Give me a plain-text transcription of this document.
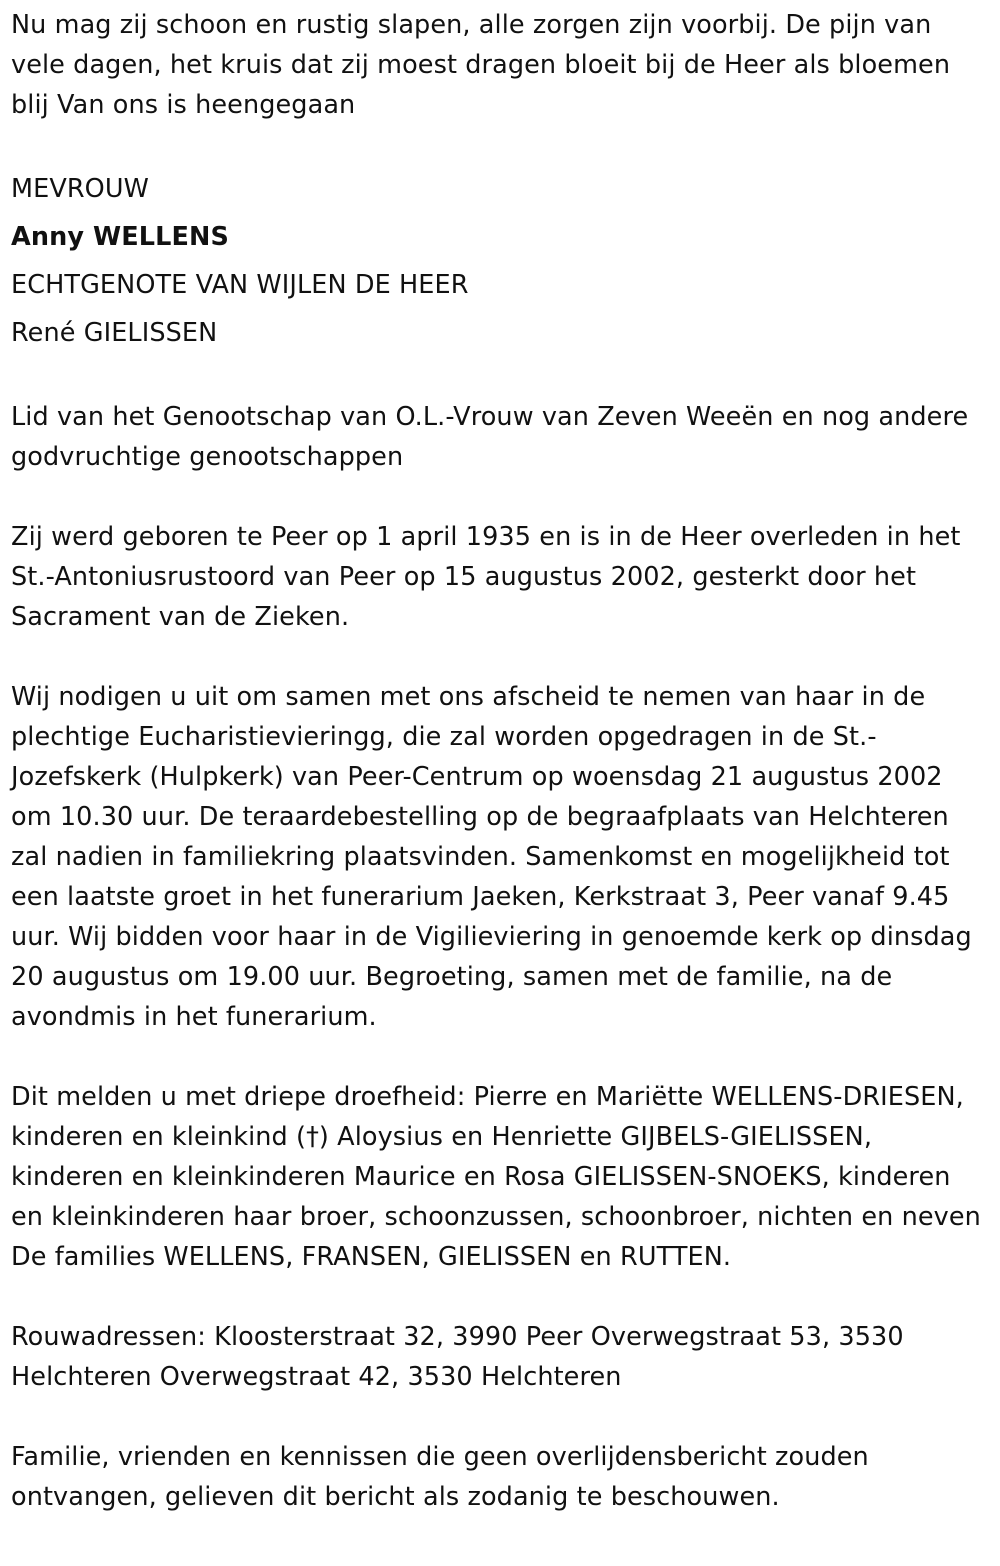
Nu mag zij schoon en rustig slapen, alle zorgen zijn voorbij. De pijn van vele dagen, het kruis dat zij moest dragen bloeit bij de Heer als bloemen blij Van ons is heengegaan

MEVROUW

Anny WELLENS

ECHTGENOTE VAN WIJLEN DE HEER

René GIELISSEN

Lid van het Genootschap van O.L.-Vrouw van Zeven Weeën en nog andere godvruchtige genootschappen

Zij werd geboren te Peer op 1 april 1935 en is in de Heer overleden in het St.-Antoniusrustoord van Peer op 15 augustus 2002, gesterkt door het Sacrament van de Zieken.

Wij nodigen u uit om samen met ons afscheid te nemen van haar in de plechtige Eucharistieviering​g, die zal worden opgedragen in de St.-Jozefskerk (Hulpkerk) van Peer-Centrum op woensdag 21 augustus 2002 om 10.30 uur. De teraardebestelling op de begraafplaats van Helchteren zal nadien in familiekring plaatsvinden. Samenkomst en mogelijkheid tot een laatste groet in het funerarium Jaeken, Kerkstraat 3, Peer vanaf 9.45 uur. Wij bidden voor haar in de Vigilieviering in genoemde kerk op dinsdag 20 augustus om 19.00 uur. Begroeting, samen met de familie, na de avondmis in het funerarium.

Dit melden u met driepe droefheid: Pierre en Mariëtte WELLENS-DRIESEN, kinderen en kleinkind (†) Aloysius en Henriette GIJBELS-GIELISSEN, kinderen en kleinkinderen Maurice en Rosa GIELISSEN-SNOEKS, kinderen en kleinkinderen haar broer, schoonzussen, schoonbroer, nichten en neven De families WELLENS, FRANSEN, GIELISSEN en RUTTEN.

Rouwadressen: Kloosterstraat 32, 3990 Peer Overwegstraat 53, 3530 Helchteren Overwegstraat 42, 3530 Helchteren

Familie, vrienden en kennissen die geen overlijdensbericht zouden ontvangen, gelieven dit bericht als zodanig te beschouwen.
